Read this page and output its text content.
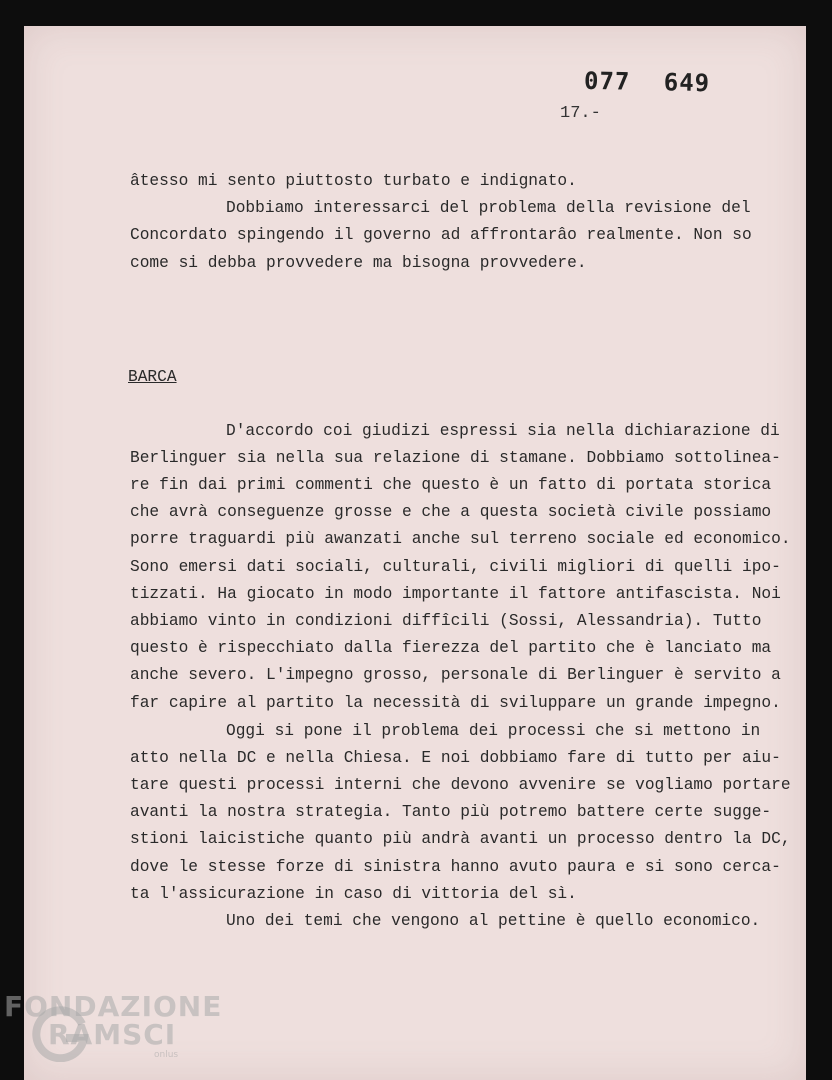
077 649
17.-
âtesso mi sento piuttosto turbato e indignato.
Dobbiamo interessarci del problema della revisione del
Concordato spingendo il governo ad affrontarâo realmente. Non so
come si debba provvedere ma bisogna provvedere.
BARCA
D'accordo coi giudizi espressi sia nella dichiarazione di
Berlinguer sia nella sua relazione di stamane. Dobbiamo sottolinea-
re fin dai primi commenti che questo è un fatto di portata storica
che avrà conseguenze grosse e che a questa società civile possiamo
porre traguardi più awanzati anche sul terreno sociale ed economico.
Sono emersi dati sociali, culturali, civili migliori di quelli ipo-
tizzati. Ha giocato in modo importante il fattore antifascista. Noi
abbiamo vinto in condizioni diffîcili (Sossi, Alessandria). Tutto
questo è rispecchiato dalla fierezza del partito che è lanciato ma
anche severo. L'impegno grosso, personale di Berlinguer è servito a
far capire al partito la necessità di sviluppare un grande impegno.
Oggi si pone il problema dei processi che si mettono in
atto nella DC e nella Chiesa. E noi dobbiamo fare di tutto per aiu-
tare questi processi interni che devono avvenire se vogliamo portare
avanti la nostra strategia. Tanto più potremo battere certe sugge-
stioni laicistiche quanto più andrà avanti un processo dentro la DC,
dove le stesse forze di sinistra hanno avuto paura e si sono cerca-
ta l'assicurazione in caso di vittoria del sì.
Uno dei temi che vengono al pettine è quello economico.
FONDAZIONE
RAMSCI
onlus
